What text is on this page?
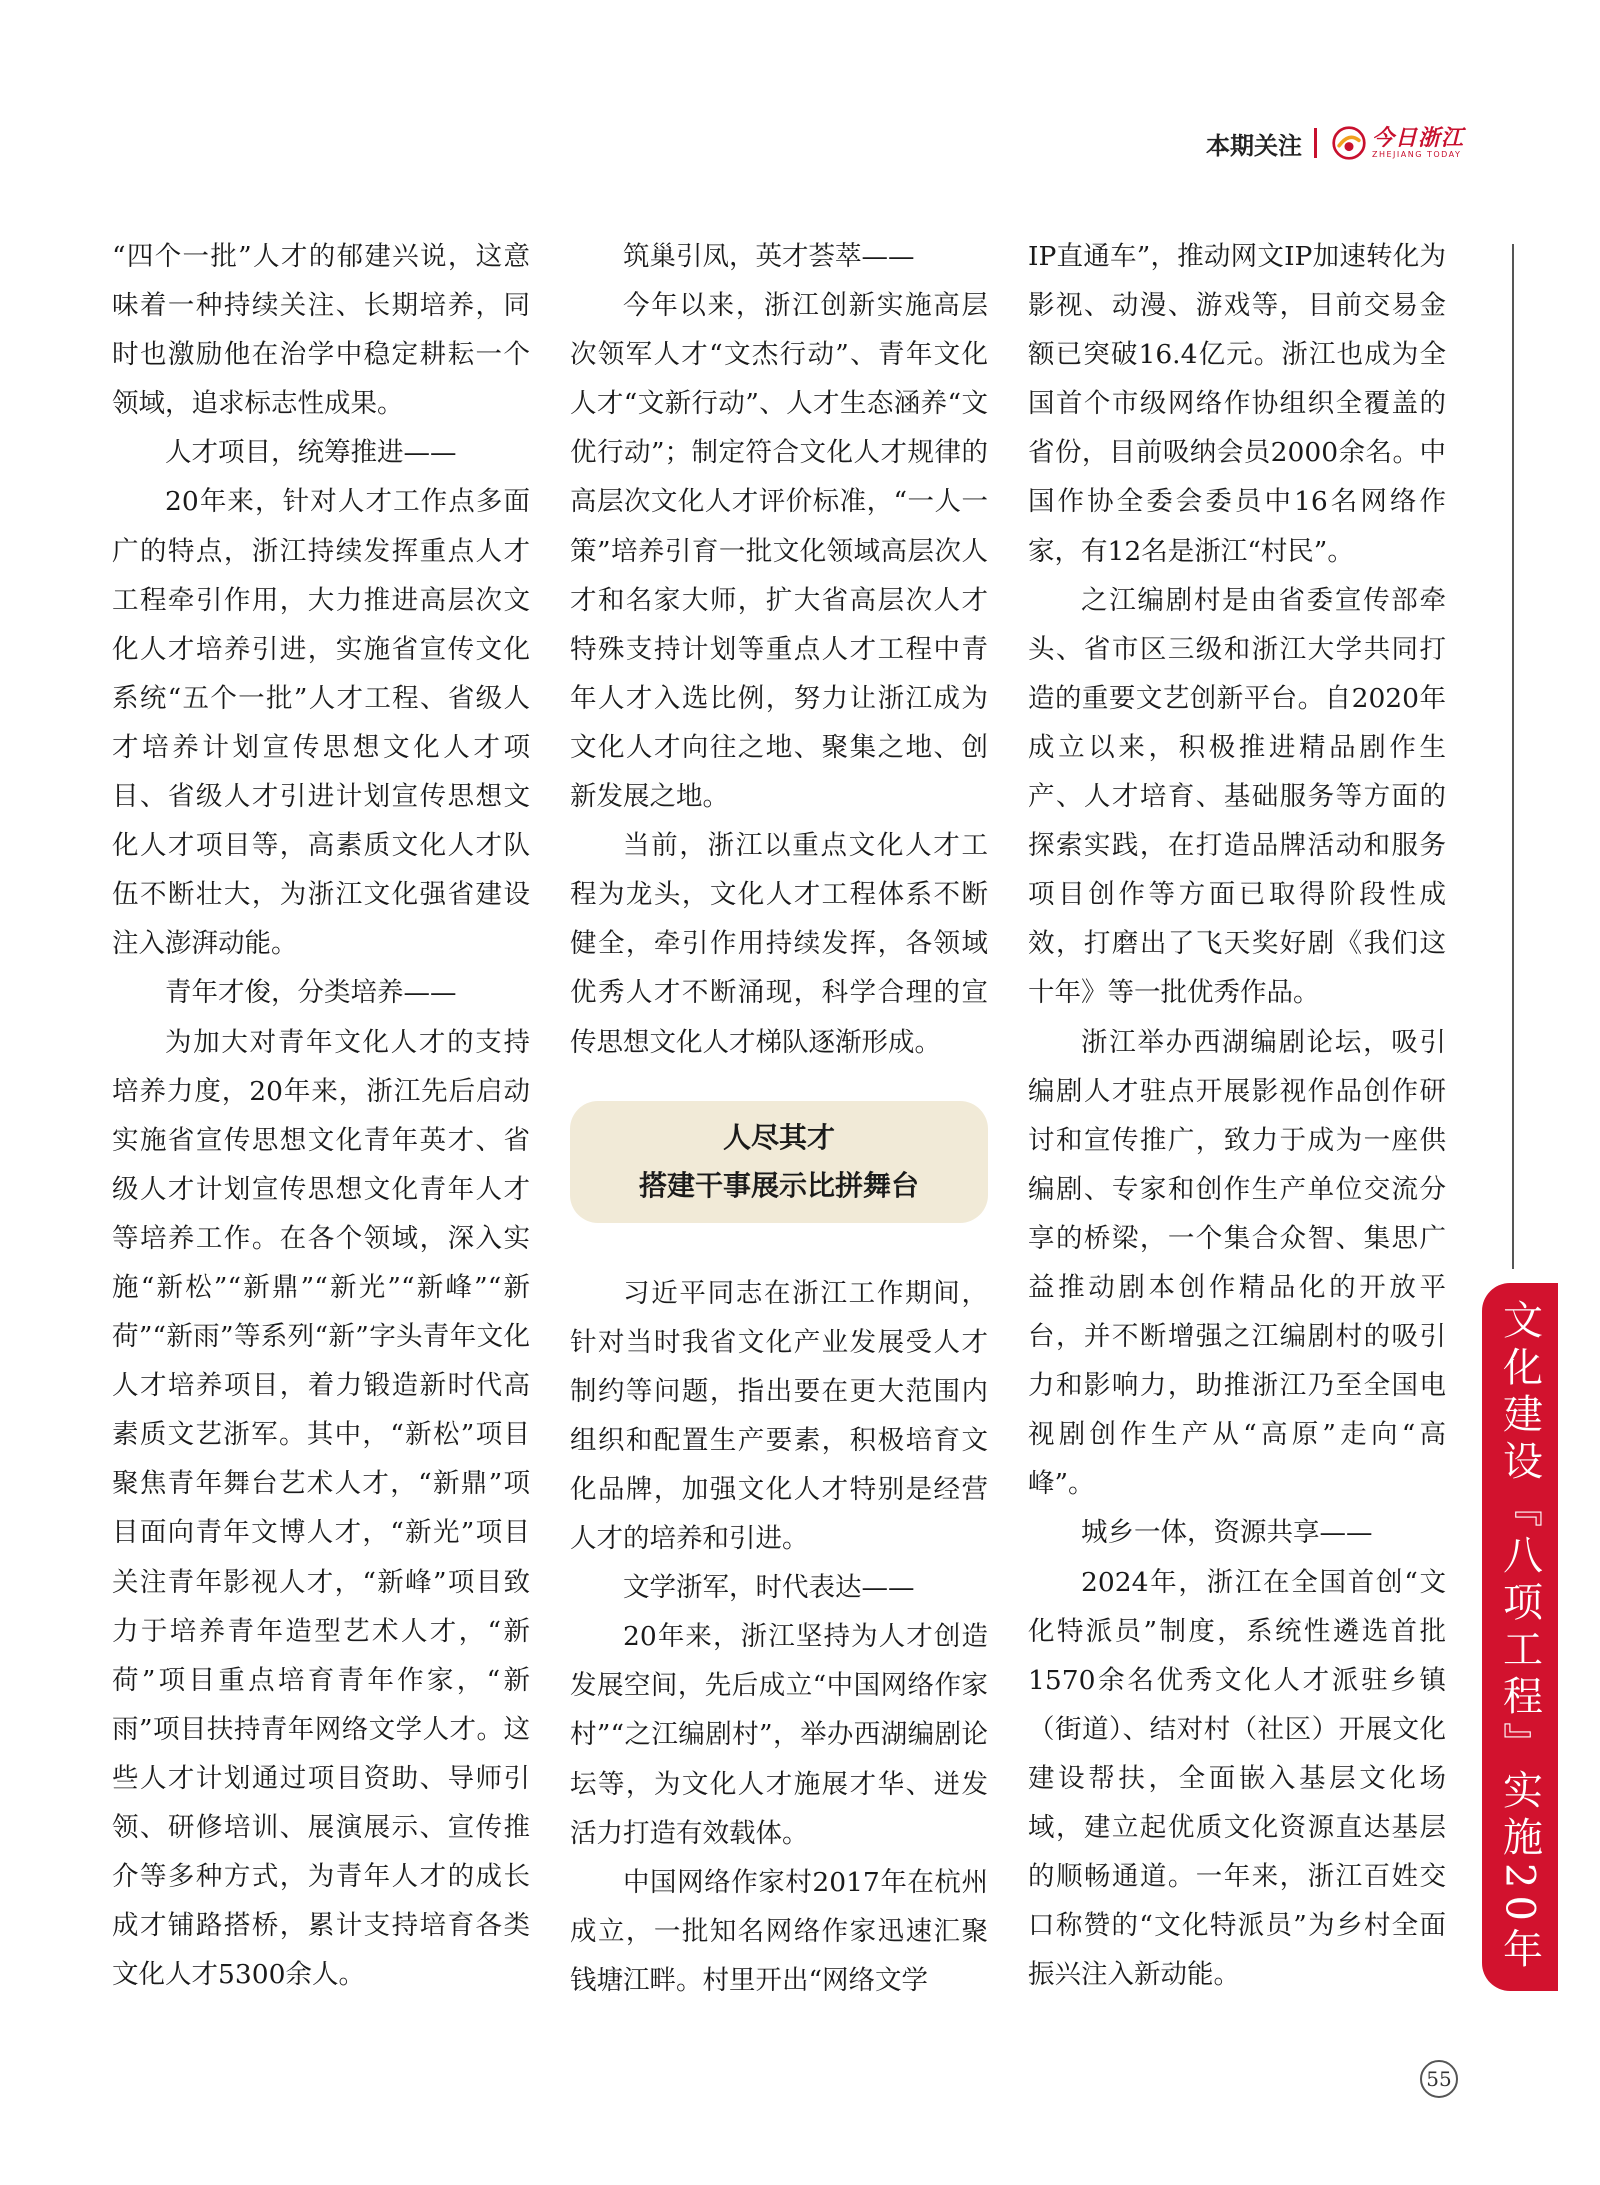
本期关注	今日浙江
ZHEJIANG TODAY

“四个一批”人才的郁建兴说，这意味着一种持续关注、长期培养，同时也激励他在治学中稳定耕耘一个领域，追求标志性成果。

人才项目，统筹推进——

20年来，针对人才工作点多面广的特点，浙江持续发挥重点人才工程牵引作用，大力推进高层次文化人才培养引进，实施省宣传文化系统“五个一批”人才工程、省级人才培养计划宣传思想文化人才项目、省级人才引进计划宣传思想文化人才项目等，高素质文化人才队伍不断壮大，为浙江文化强省建设注入澎湃动能。

青年才俊，分类培养——

为加大对青年文化人才的支持培养力度，20年来，浙江先后启动实施省宣传思想文化青年英才、省级人才计划宣传思想文化青年人才等培养工作。在各个领域，深入实施“新松”“新鼎”“新光”“新峰”“新荷”“新雨”等系列“新”字头青年文化人才培养项目，着力锻造新时代高素质文艺浙军。其中，“新松”项目聚焦青年舞台艺术人才，“新鼎”项目面向青年文博人才，“新光”项目关注青年影视人才，“新峰”项目致力于培养青年造型艺术人才，“新荷”项目重点培育青年作家，“新雨”项目扶持青年网络文学人才。这些人才计划通过项目资助、导师引领、研修培训、展演展示、宣传推介等多种方式，为青年人才的成长成才铺路搭桥，累计支持培育各类文化人才5300余人。

筑巢引凤，英才荟萃——

今年以来，浙江创新实施高层次领军人才“文杰行动”、青年文化人才“文新行动”、人才生态涵养“文优行动”；制定符合文化人才规律的高层次文化人才评价标准，“一人一策”培养引育一批文化领域高层次人才和名家大师，扩大省高层次人才特殊支持计划等重点人才工程中青年人才入选比例，努力让浙江成为文化人才向往之地、聚集之地、创新发展之地。

当前，浙江以重点文化人才工程为龙头，文化人才工程体系不断健全，牵引作用持续发挥，各领域优秀人才不断涌现，科学合理的宣传思想文化人才梯队逐渐形成。

人尽其才
搭建干事展示比拼舞台

习近平同志在浙江工作期间，针对当时我省文化产业发展受人才制约等问题，指出要在更大范围内组织和配置生产要素，积极培育文化品牌，加强文化人才特别是经营人才的培养和引进。

文学浙军，时代表达——

20年来，浙江坚持为人才创造发展空间，先后成立“中国网络作家村”“之江编剧村”，举办西湖编剧论坛等，为文化人才施展才华、迸发活力打造有效载体。

中国网络作家村2017年在杭州成立，一批知名网络作家迅速汇聚钱塘江畔。村里开出“网络文学

IP直通车”，推动网文IP加速转化为影视、动漫、游戏等，目前交易金额已突破16.4亿元。浙江也成为全国首个市级网络作协组织全覆盖的省份，目前吸纳会员2000余名。中国作协全委会委员中16名网络作家，有12名是浙江“村民”。

之江编剧村是由省委宣传部牵头、省市区三级和浙江大学共同打造的重要文艺创新平台。自2020年成立以来，积极推进精品剧作生产、人才培育、基础服务等方面的探索实践，在打造品牌活动和服务项目创作等方面已取得阶段性成效，打磨出了飞天奖好剧《我们这十年》等一批优秀作品。

浙江举办西湖编剧论坛，吸引编剧人才驻点开展影视作品创作研讨和宣传推广，致力于成为一座供编剧、专家和创作生产单位交流分享的桥梁，一个集合众智、集思广益推动剧本创作精品化的开放平台，并不断增强之江编剧村的吸引力和影响力，助推浙江乃至全国电视剧创作生产从“高原”走向“高峰”。

城乡一体，资源共享——

2024年，浙江在全国首创“文化特派员”制度，系统性遴选首批1570余名优秀文化人才派驻乡镇（街道）、结对村（社区）开展文化建设帮扶，全面嵌入基层文化场域，建立起优质文化资源直达基层的顺畅通道。一年来，浙江百姓交口称赞的“文化特派员”为乡村全面振兴注入新动能。	文化建设『八项工程』实施20年
55
